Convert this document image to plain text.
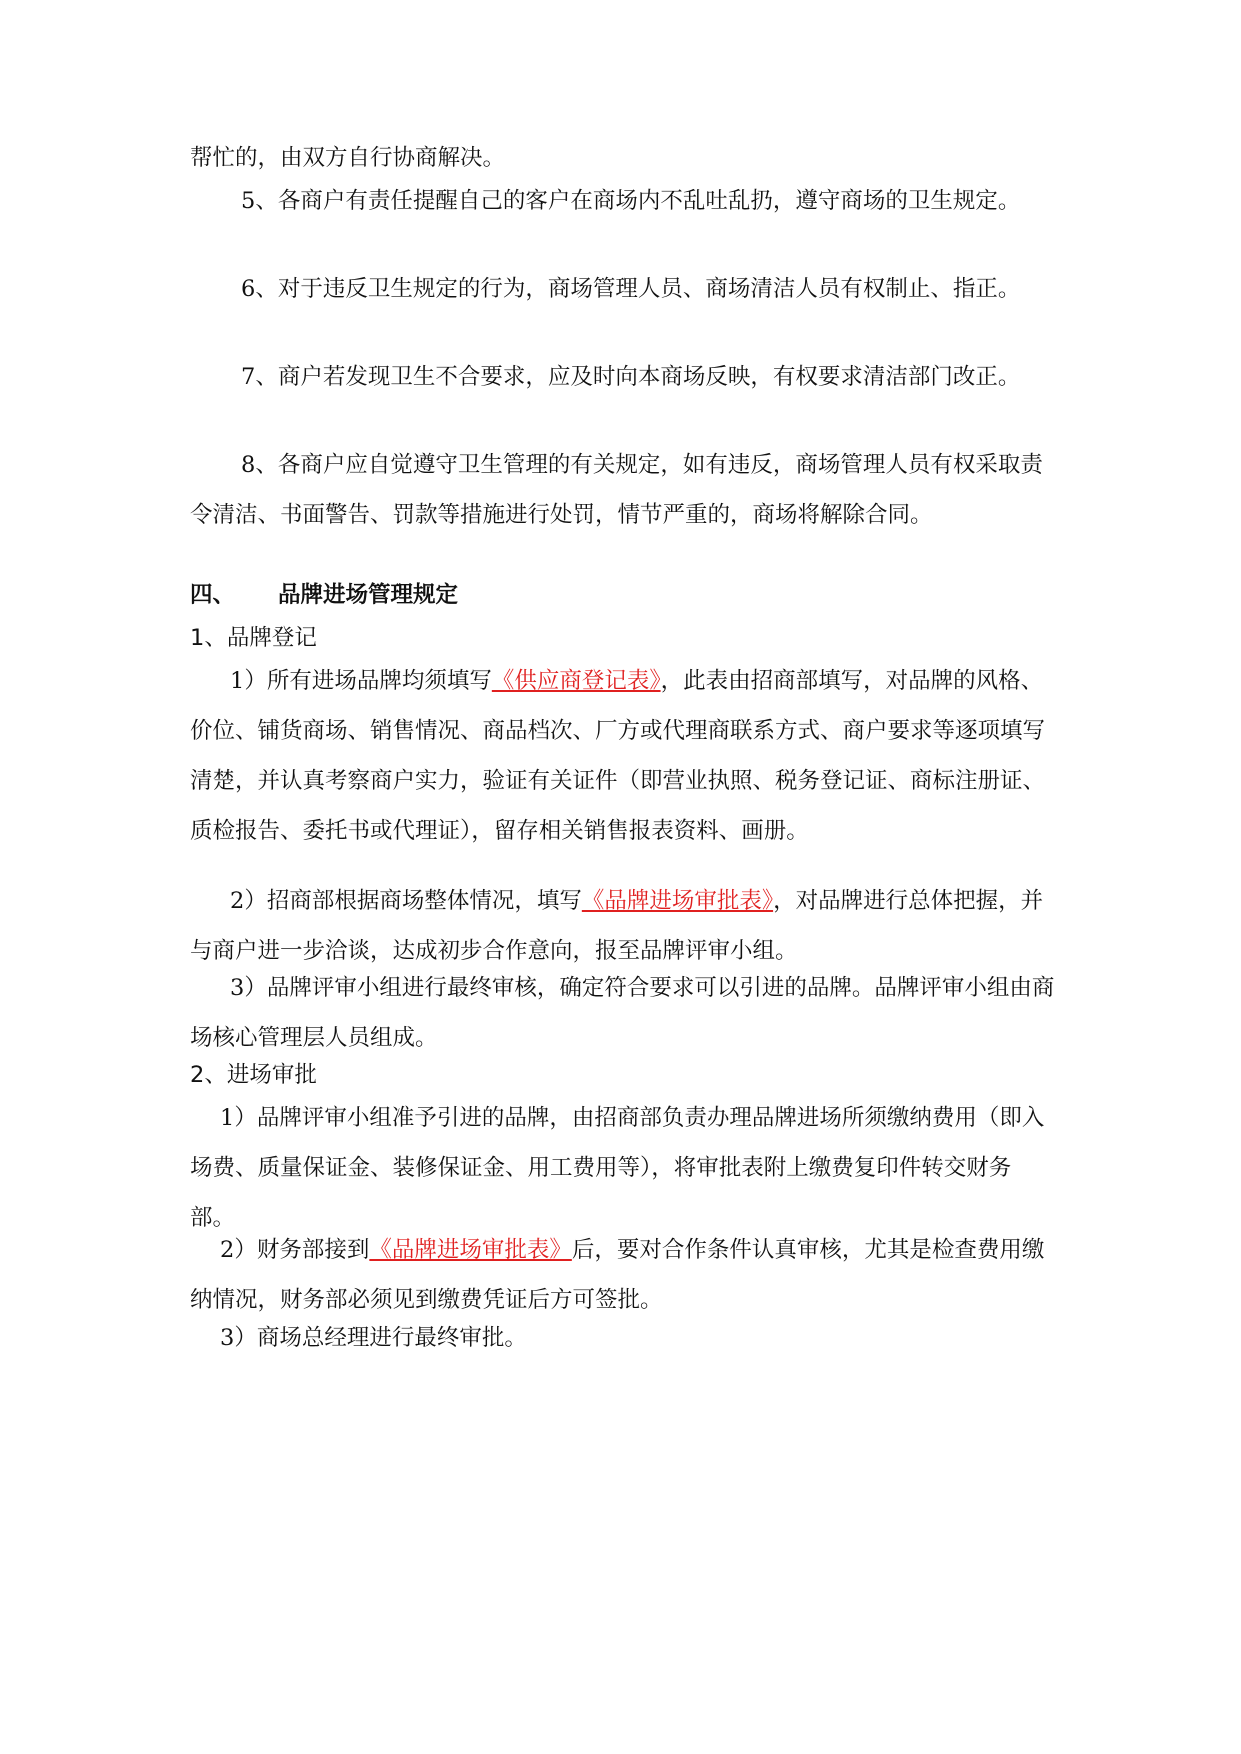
帮忙的，由双方自行协商解决。

5、各商户有责任提醒自己的客户在商场内不乱吐乱扔，遵守商场的卫生规定。

6、对于违反卫生规定的行为，商场管理人员、商场清洁人员有权制止、指正。

7、商户若发现卫生不合要求，应及时向本商场反映，有权要求清洁部门改正。

8、各商户应自觉遵守卫生管理的有关规定，如有违反，商场管理人员有权采取责令清洁、书面警告、罚款等措施进行处罚，情节严重的，商场将解除合同。

四、 品牌进场管理规定
1、品牌登记

1）所有进场品牌均须填写《供应商登记表》，此表由招商部填写，对品牌的风格、价位、铺货商场、销售情况、商品档次、厂方或代理商联系方式、商户要求等逐项填写清楚，并认真考察商户实力，验证有关证件（即营业执照、税务登记证、商标注册证、质检报告、委托书或代理证），留存相关销售报表资料、画册。

2）招商部根据商场整体情况，填写《品牌进场审批表》，对品牌进行总体把握，并与商户进一步洽谈，达成初步合作意向，报至品牌评审小组。

3）品牌评审小组进行最终审核，确定符合要求可以引进的品牌。品牌评审小组由商场核心管理层人员组成。

2、进场审批

1）品牌评审小组准予引进的品牌，由招商部负责办理品牌进场所须缴纳费用（即入场费、质量保证金、装修保证金、用工费用等），将审批表附上缴费复印件转交财务部。

2）财务部接到《品牌进场审批表》后，要对合作条件认真审核，尤其是检查费用缴纳情况，财务部必须见到缴费凭证后方可签批。

3）商场总经理进行最终审批。
